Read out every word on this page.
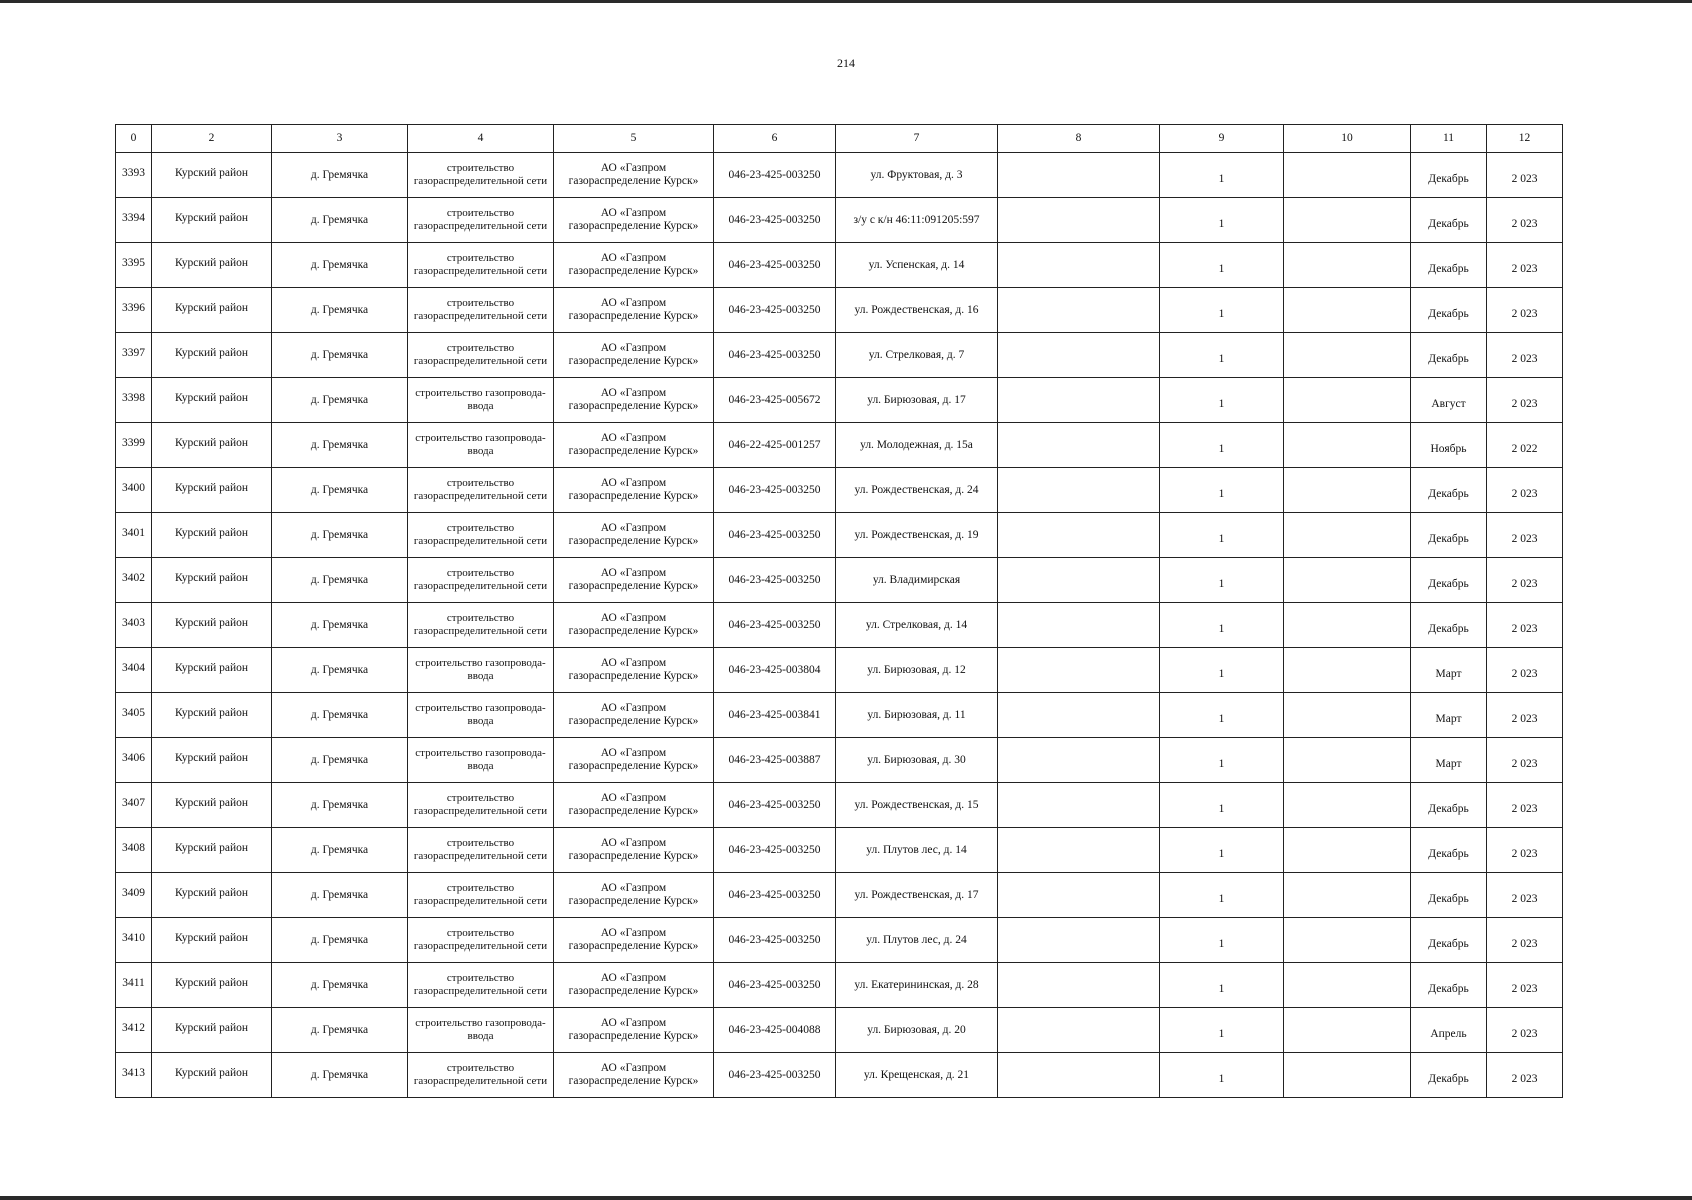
214
0	2	3	4	5	6	7	8	9	10	11	12
3393	Курский район	д. Гремячка	строительство газораспределительной сети	АО «Газпром газораспределение Курск»	046-23-425-003250	ул. Фруктовая, д. 3		1		Декабрь	2 023
3394	Курский район	д. Гремячка	строительство газораспределительной сети	АО «Газпром газораспределение Курск»	046-23-425-003250	з/у с к/н 46:11:091205:597		1		Декабрь	2 023
3395	Курский район	д. Гремячка	строительство газораспределительной сети	АО «Газпром газораспределение Курск»	046-23-425-003250	ул. Успенская, д. 14		1		Декабрь	2 023
3396	Курский район	д. Гремячка	строительство газораспределительной сети	АО «Газпром газораспределение Курск»	046-23-425-003250	ул. Рождественская, д. 16		1		Декабрь	2 023
3397	Курский район	д. Гремячка	строительство газораспределительной сети	АО «Газпром газораспределение Курск»	046-23-425-003250	ул. Стрелковая, д. 7		1		Декабрь	2 023
3398	Курский район	д. Гремячка	строительство газопровода-ввода	АО «Газпром газораспределение Курск»	046-23-425-005672	ул. Бирюзовая, д. 17		1		Август	2 023
3399	Курский район	д. Гремячка	строительство газопровода-ввода	АО «Газпром газораспределение Курск»	046-22-425-001257	ул. Молодежная, д. 15а		1		Ноябрь	2 022
3400	Курский район	д. Гремячка	строительство газораспределительной сети	АО «Газпром газораспределение Курск»	046-23-425-003250	ул. Рождественская, д. 24		1		Декабрь	2 023
3401	Курский район	д. Гремячка	строительство газораспределительной сети	АО «Газпром газораспределение Курск»	046-23-425-003250	ул. Рождественская, д. 19		1		Декабрь	2 023
3402	Курский район	д. Гремячка	строительство газораспределительной сети	АО «Газпром газораспределение Курск»	046-23-425-003250	ул. Владимирская		1		Декабрь	2 023
3403	Курский район	д. Гремячка	строительство газораспределительной сети	АО «Газпром газораспределение Курск»	046-23-425-003250	ул. Стрелковая, д. 14		1		Декабрь	2 023
3404	Курский район	д. Гремячка	строительство газопровода-ввода	АО «Газпром газораспределение Курск»	046-23-425-003804	ул. Бирюзовая, д. 12		1		Март	2 023
3405	Курский район	д. Гремячка	строительство газопровода-ввода	АО «Газпром газораспределение Курск»	046-23-425-003841	ул. Бирюзовая, д. 11		1		Март	2 023
3406	Курский район	д. Гремячка	строительство газопровода-ввода	АО «Газпром газораспределение Курск»	046-23-425-003887	ул. Бирюзовая, д. 30		1		Март	2 023
3407	Курский район	д. Гремячка	строительство газораспределительной сети	АО «Газпром газораспределение Курск»	046-23-425-003250	ул. Рождественская, д. 15		1		Декабрь	2 023
3408	Курский район	д. Гремячка	строительство газораспределительной сети	АО «Газпром газораспределение Курск»	046-23-425-003250	ул. Плутов лес, д. 14		1		Декабрь	2 023
3409	Курский район	д. Гремячка	строительство газораспределительной сети	АО «Газпром газораспределение Курск»	046-23-425-003250	ул. Рождественская, д. 17		1		Декабрь	2 023
3410	Курский район	д. Гремячка	строительство газораспределительной сети	АО «Газпром газораспределение Курск»	046-23-425-003250	ул. Плутов лес, д. 24		1		Декабрь	2 023
3411	Курский район	д. Гремячка	строительство газораспределительной сети	АО «Газпром газораспределение Курск»	046-23-425-003250	ул. Екатерининская, д. 28		1		Декабрь	2 023
3412	Курский район	д. Гремячка	строительство газопровода-ввода	АО «Газпром газораспределение Курск»	046-23-425-004088	ул. Бирюзовая, д. 20		1		Апрель	2 023
3413	Курский район	д. Гремячка	строительство газораспределительной сети	АО «Газпром газораспределение Курск»	046-23-425-003250	ул. Крещенская, д. 21		1		Декабрь	2 023
